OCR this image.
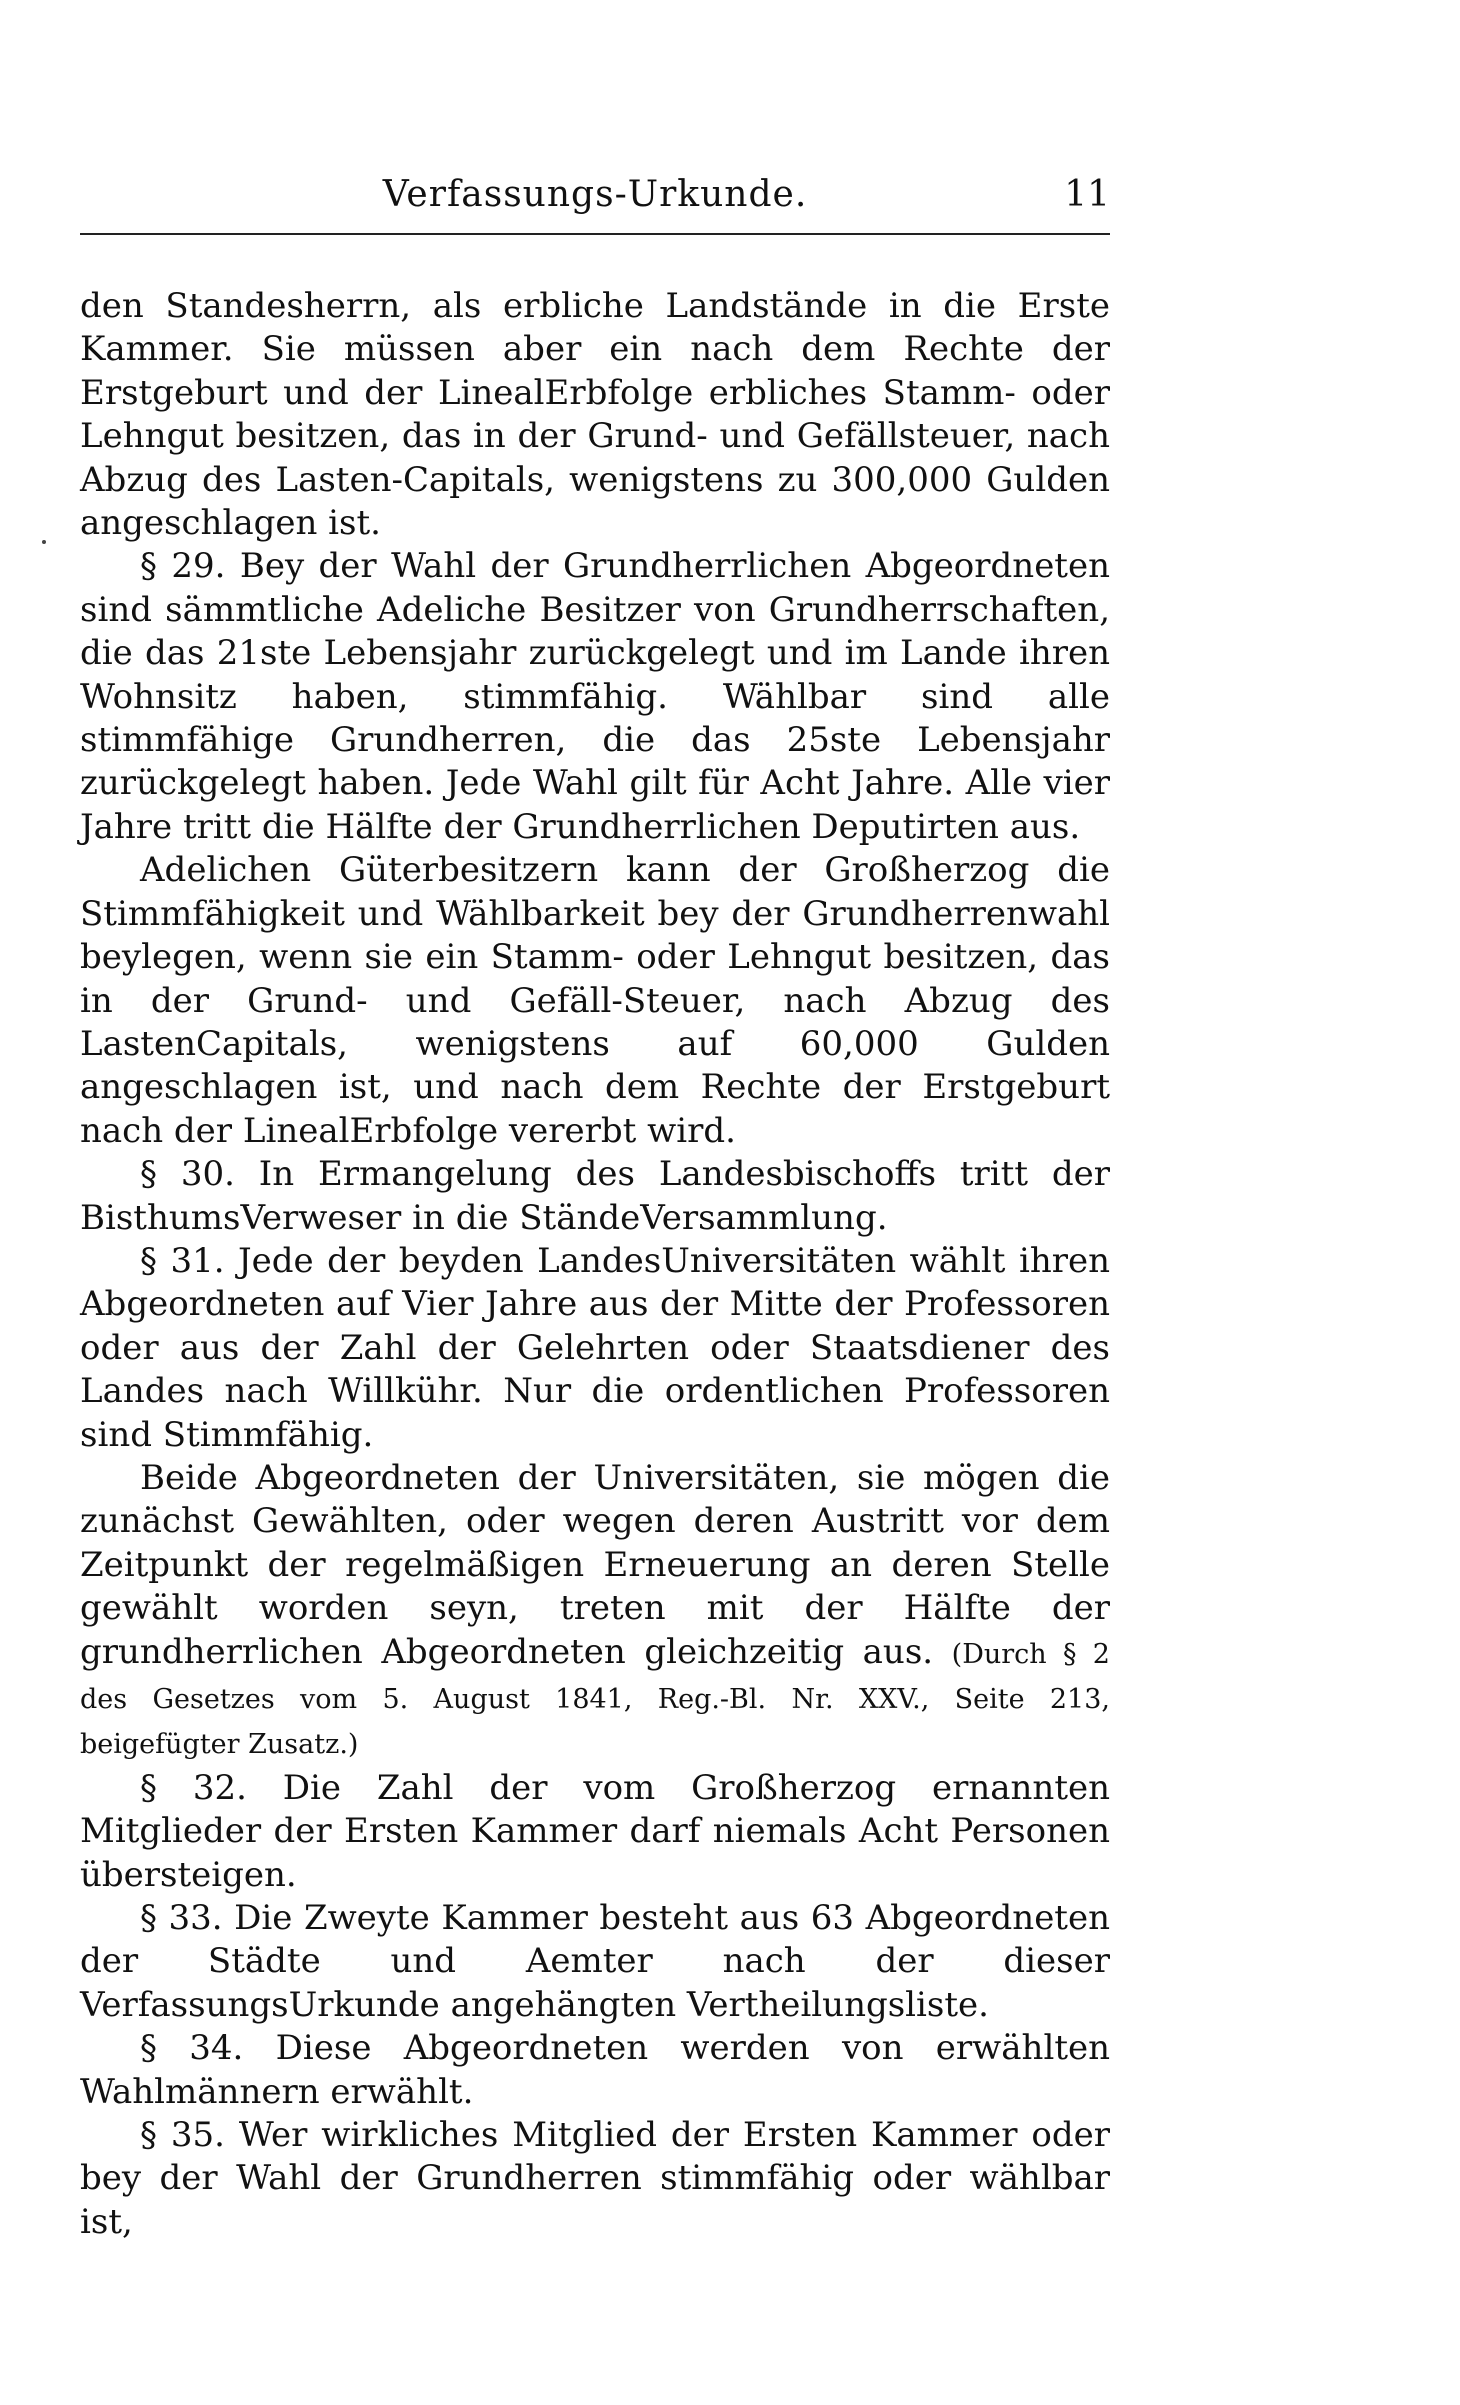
Verfassungs-Urkunde.	11

den Standesherrn, als erbliche Landstände in die Erste Kammer. Sie müssen aber ein nach dem Rechte der Erstgeburt und der LinealErbfolge erbliches Stamm- oder Lehngut besitzen, das in der Grund- und Gefällsteuer, nach Abzug des Lasten-Capitals, wenigstens zu 300,000 Gulden angeschlagen ist.

§ 29. Bey der Wahl der Grundherrlichen Abgeordneten sind sämmtliche Adeliche Besitzer von Grundherrschaften, die das 21ste Lebensjahr zurückgelegt und im Lande ihren Wohnsitz haben, stimmfähig. Wählbar sind alle stimmfähige Grundherren, die das 25ste Lebensjahr zurückgelegt haben. Jede Wahl gilt für Acht Jahre. Alle vier Jahre tritt die Hälfte der Grundherrlichen Deputirten aus.

Adelichen Güterbesitzern kann der Großherzog die Stimmfähigkeit und Wählbarkeit bey der Grundherrenwahl beylegen, wenn sie ein Stamm- oder Lehngut besitzen, das in der Grund- und Gefäll-Steuer, nach Abzug des LastenCapitals, wenigstens auf 60,000 Gulden angeschlagen ist, und nach dem Rechte der Erstgeburt nach der LinealErbfolge vererbt wird.

§ 30. In Ermangelung des Landesbischoffs tritt der BisthumsVerweser in die StändeVersammlung.

§ 31. Jede der beyden LandesUniversitäten wählt ihren Abgeordneten auf Vier Jahre aus der Mitte der Professoren oder aus der Zahl der Gelehrten oder Staatsdiener des Landes nach Willkühr. Nur die ordentlichen Professoren sind Stimmfähig.

Beide Abgeordneten der Universitäten, sie mögen die zunächst Gewählten, oder wegen deren Austritt vor dem Zeitpunkt der regelmäßigen Erneuerung an deren Stelle gewählt worden seyn, treten mit der Hälfte der grundherrlichen Abgeordneten gleichzeitig aus. (Durch § 2 des Gesetzes vom 5. August 1841, Reg.-Bl. Nr. XXV., Seite 213, beigefügter Zusatz.)

§ 32. Die Zahl der vom Großherzog ernannten Mitglieder der Ersten Kammer darf niemals Acht Personen übersteigen.

§ 33. Die Zweyte Kammer besteht aus 63 Abgeordneten der Städte und Aemter nach der dieser VerfassungsUrkunde angehängten Vertheilungsliste.

§ 34. Diese Abgeordneten werden von erwählten Wahlmännern erwählt.

§ 35. Wer wirkliches Mitglied der Ersten Kammer oder bey der Wahl der Grundherren stimmfähig oder wählbar ist,
